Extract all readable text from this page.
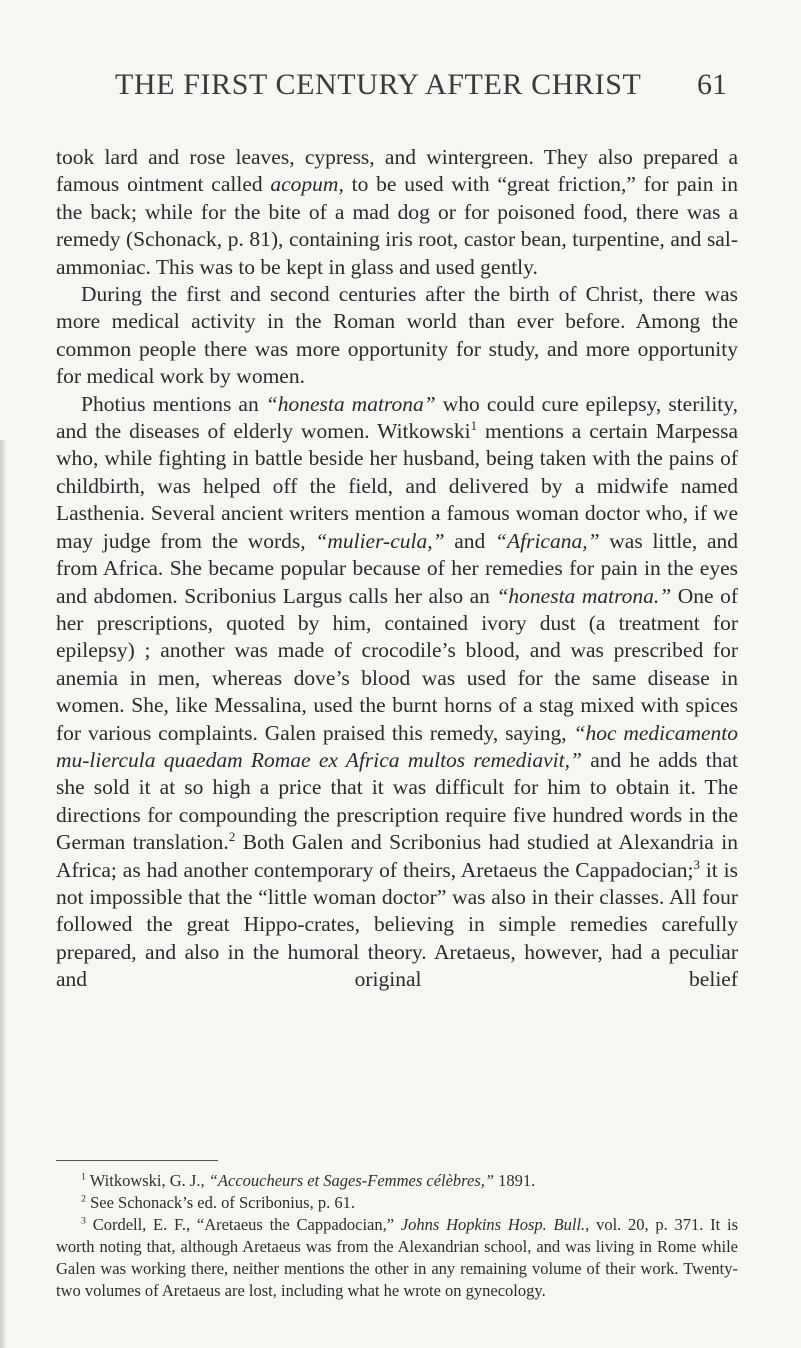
THE FIRST CENTURY AFTER CHRIST 61

took lard and rose leaves, cypress, and wintergreen. They also prepared a famous ointment called acopum, to be used with “great friction,” for pain in the back; while for the bite of a mad dog or for poisoned food, there was a remedy (Schonack, p. 81), containing iris root, castor bean, turpentine, and sal-ammoniac. This was to be kept in glass and used gently.

During the first and second centuries after the birth of Christ, there was more medical activity in the Roman world than ever before. Among the common people there was more opportunity for study, and more opportunity for medical work by women.

Photius mentions an “honesta matrona” who could cure epilepsy, sterility, and the diseases of elderly women. Witkowski$^1$ mentions a certain Marpessa who, while fighting in battle beside her husband, being taken with the pains of childbirth, was helped off the field, and delivered by a midwife named Lasthenia. Several ancient writers mention a famous woman doctor who, if we may judge from the words, “mulier-cula,” and “Africana,” was little, and from Africa. She became popular because of her remedies for pain in the eyes and abdomen. Scribonius Largus calls her also an “honesta matrona.” One of her prescriptions, quoted by him, contained ivory dust (a treatment for epilepsy) ; another was made of crocodile’s blood, and was prescribed for anemia in men, whereas dove’s blood was used for the same disease in women. She, like Messalina, used the burnt horns of a stag mixed with spices for various complaints. Galen praised this remedy, saying, “hoc medicamento mu-liercula quaedam Romae ex Africa multos remediavit,” and he adds that she sold it at so high a price that it was difficult for him to obtain it. The directions for compounding the prescription require five hundred words in the German translation.$^2$ Both Galen and Scribonius had studied at Alexandria in Africa; as had another contemporary of theirs, Aretaeus the Cappadocian;$^3$ it is not impossible that the “little woman doctor” was also in their classes. All four followed the great Hippo-crates, believing in simple remedies carefully prepared, and also in the humoral theory. Aretaeus, however, had a peculiar and original belief

$^1$ Witkowski, G. J., “Accoucheurs et Sages-Femmes célèbres,” 1891.

$^2$ See Schonack’s ed. of Scribonius, p. 61.

$^3$ Cordell, E. F., “Aretaeus the Cappadocian,” Johns Hopkins Hosp. Bull., vol. 20, p. 371. It is worth noting that, although Aretaeus was from the Alexandrian school, and was living in Rome while Galen was working there, neither mentions the other in any remaining volume of their work. Twenty-two volumes of Aretaeus are lost, including what he wrote on gynecology.
